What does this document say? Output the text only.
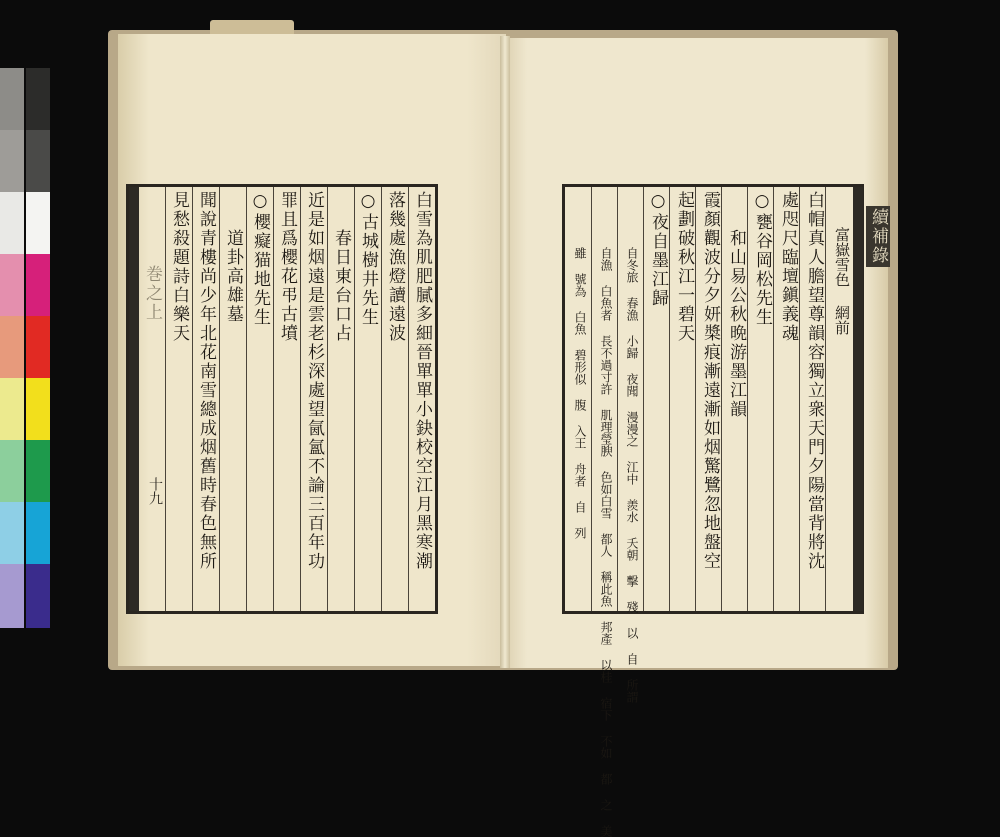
巻之上
十九
見愁殺題詩白樂天 聞說青樓尚少年北花南雪總成烟舊時春色無所 道卦高雄墓 ○櫻癡猫地先生 罪且爲櫻花弔古墳 近是如烟遠是雲老杉深處望氤氳不論三百年功 春日東台口占 ○古城樹井先生 落幾處漁燈讀遠波 白雪為肌肥膩多細晉單單小鈌校空江月黑寒潮	雖 號為 白魚 碧形似 腹 入王 舟者 自 列	自漁 白魚者 長不過寸許 肌理瑩腴 色如白雪 都人 稱此魚 邦產 以桂 宿下 不如 都 之 美	自冬旅 春漁 小歸 夜聞 漫漫之 江中 羨水 夭朝 擊 殘 以 自 所謂 ○夜自墨江歸 起劃破秋江一碧天 霞顏觀波分夕妍槳痕漸遠漸如烟驚鷺忽地盤空 和山易公秋晩游墨江韻 ○甕谷岡松先生 處咫尺臨壇鎭義魂 白帽真人膽望尊韻容獨立衆天門夕陽當背將沈 富嶽雪色 網前 續補錄
